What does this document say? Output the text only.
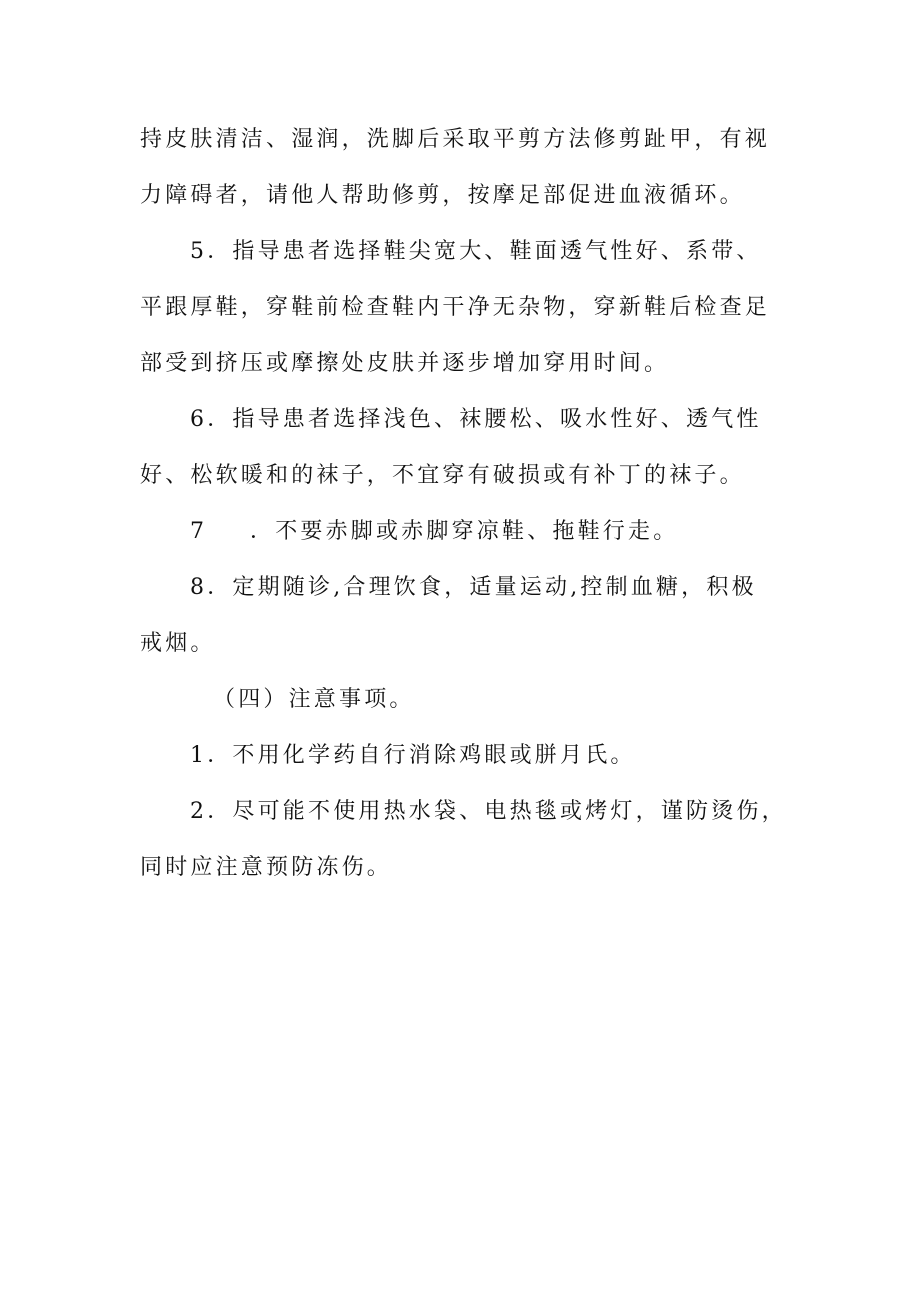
持皮肤清洁、湿润，洗脚后采取平剪方法修剪趾甲，有视
力障碍者，请他人帮助修剪，按摩足部促进血液循环。
5．指导患者选择鞋尖宽大、鞋面透气性好、系带、
平跟厚鞋，穿鞋前检查鞋内干净无杂物，穿新鞋后检查足
部受到挤压或摩擦处皮肤并逐步增加穿用时间。
6．指导患者选择浅色、袜腰松、吸水性好、透气性
好、松软暖和的袜子，不宜穿有破损或有补丁的袜子。
7 ．不要赤脚或赤脚穿凉鞋、拖鞋行走。
8．定期随诊,合理饮食，适量运动,控制血糖，积极
戒烟。
（四）注意事项。
1．不用化学药自行消除鸡眼或胼月氏。
2．尽可能不使用热水袋、电热毯或烤灯，谨防烫伤，
同时应注意预防冻伤。
